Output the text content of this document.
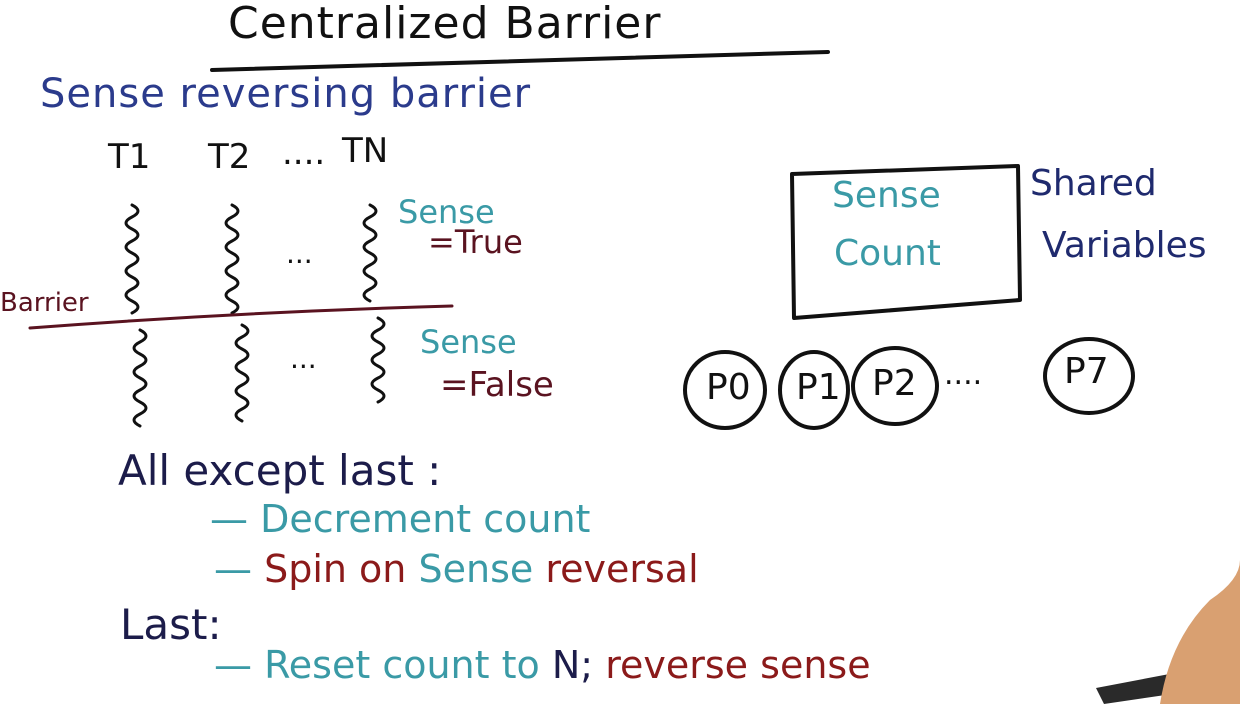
Centralized Barrier
Sense reversing barrier
T1 T2 .... TN
...
...
Barrier
Sense
=True
Sense
=False
Sense
Count
Shared
Variables
P0 P1 P2	P7
....
All except last :
— Decrement count
— Spin on Sense reversal
Last:
— Reset count to N; reverse sense
